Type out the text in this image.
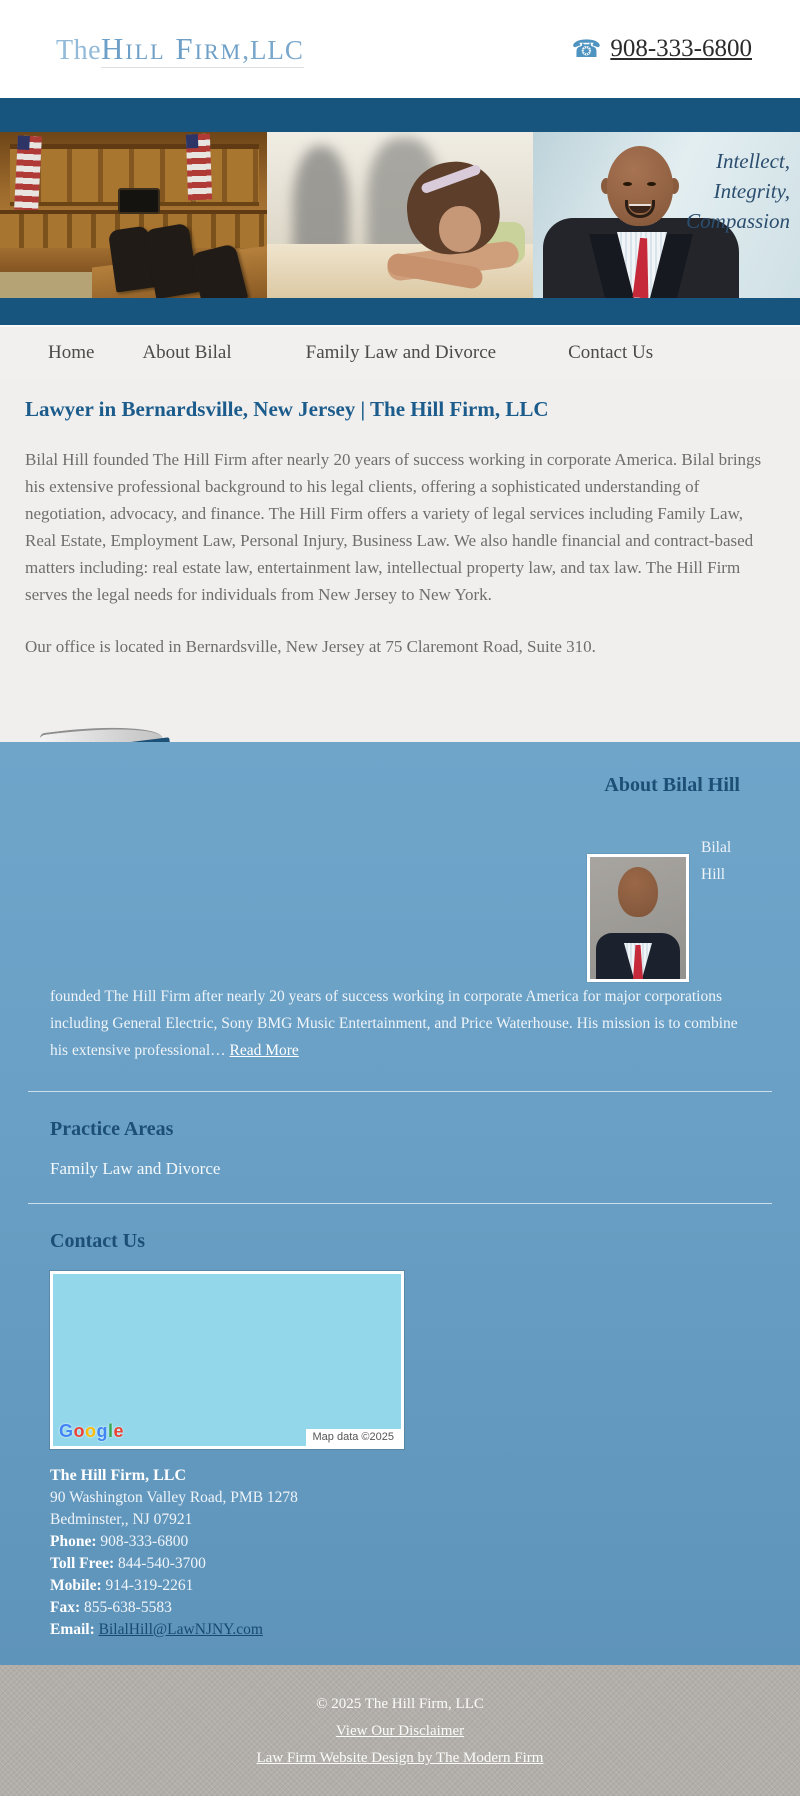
TheHill Firm,LLC	☎ 908-333-6800
Intellect,
Integrity,
Compassion
Home	About Bilal	Family Law and Divorce	Contact Us
Lawyer in Bernardsville, New Jersey | The Hill Firm, LLC

Bilal Hill founded The Hill Firm after nearly 20 years of success working in corporate America. Bilal brings his extensive professional background to his legal clients, offering a sophisticated understanding of negotiation, advocacy, and finance. The Hill Firm offers a variety of legal services including Family Law, Real Estate, Employment Law, Personal Injury, Business Law. We also handle financial and contract-based matters including: real estate law, entertainment law, intellectual property law, and tax law. The Hill Firm serves the legal needs for individuals from New Jersey to New York.

Our office is located in Bernardsville, New Jersey at 75 Claremont Road, Suite 310.

About Bilal Hill
Bilal Hill

founded The Hill Firm after nearly 20 years of success working in corporate America for major corporations including General Electric, Sony BMG Music Entertainment, and Price Waterhouse. His mission is to combine his extensive professional… Read More

Practice Areas
Family Law and Divorce
Contact Us
Google	Map data ©2025
The Hill Firm, LLC
90 Washington Valley Road, PMB 1278
Bedminster,, NJ 07921
Phone: 908-333-6800
Toll Free: 844-540-3700
Mobile: 914-319-2261
Fax: 855-638-5583
Email: BilalHill@LawNJNY.com
© 2025 The Hill Firm, LLC
View Our Disclaimer
Law Firm Website Design by The Modern Firm
